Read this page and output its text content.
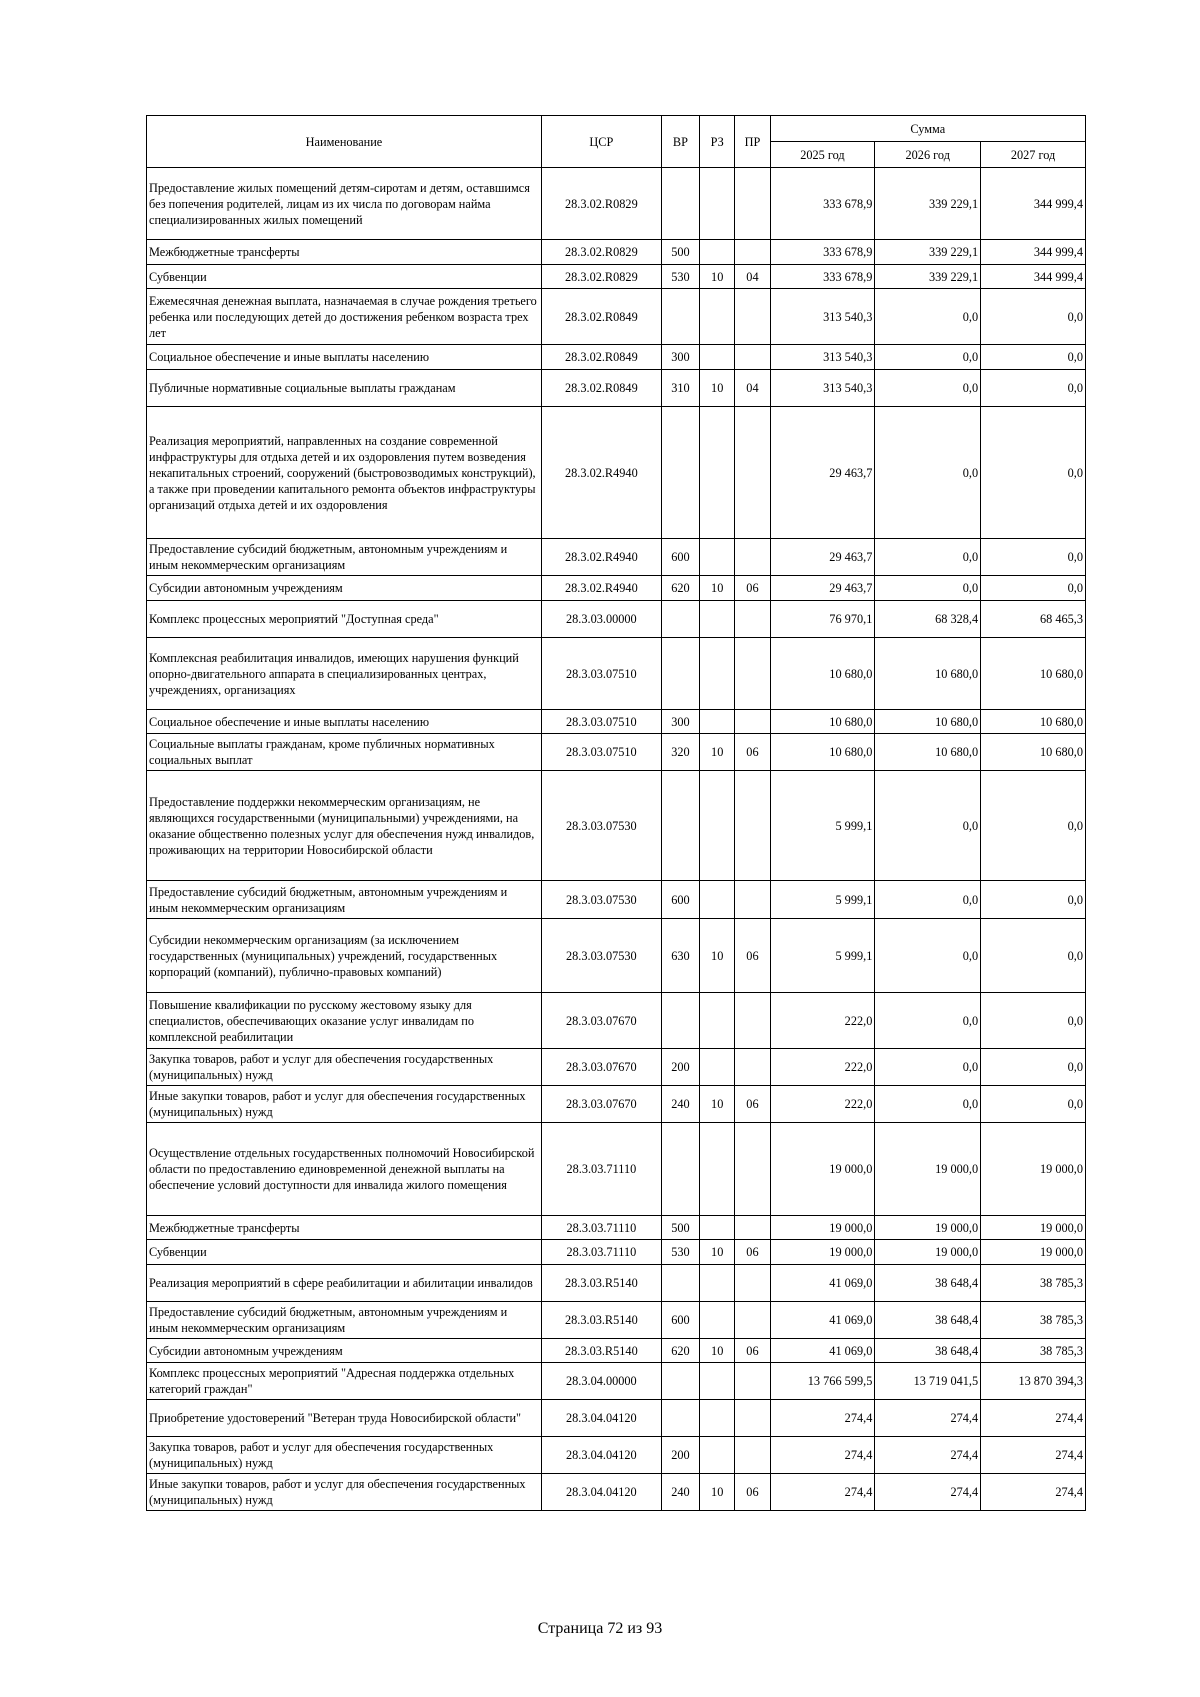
Наименование	ЦСР	ВР	РЗ	ПР	Сумма		
					2025 год	2026 год	2027 год
Предоставление жилых помещений детям-сиротам и детям, оставшимся без попечения родителей, лицам из их числа по договорам найма специализированных жилых помещений	28.3.02.R0829				333 678,9	339 229,1	344 999,4
Межбюджетные трансферты	28.3.02.R0829	500			333 678,9	339 229,1	344 999,4
Субвенции	28.3.02.R0829	530	10	04	333 678,9	339 229,1	344 999,4
Ежемесячная денежная выплата, назначаемая в случае рождения третьего ребенка или последующих детей до достижения ребенком возраста трех лет	28.3.02.R0849				313 540,3	0,0	0,0
Социальное обеспечение и иные выплаты населению	28.3.02.R0849	300			313 540,3	0,0	0,0
Публичные нормативные социальные выплаты гражданам	28.3.02.R0849	310	10	04	313 540,3	0,0	0,0
Реализация мероприятий, направленных на создание современной инфраструктуры для отдыха детей и их оздоровления путем возведения некапитальных строений, сооружений (быстровозводимых конструкций), а также при проведении капитального ремонта объектов инфраструктуры организаций отдыха детей и их оздоровления	28.3.02.R4940				29 463,7	0,0	0,0
Предоставление субсидий бюджетным, автономным учреждениям и иным некоммерческим организациям	28.3.02.R4940	600			29 463,7	0,0	0,0
Субсидии автономным учреждениям	28.3.02.R4940	620	10	06	29 463,7	0,0	0,0
Комплекс процессных мероприятий "Доступная среда"	28.3.03.00000				76 970,1	68 328,4	68 465,3
Комплексная реабилитация инвалидов, имеющих нарушения функций опорно-двигательного аппарата в специализированных центрах, учреждениях, организациях	28.3.03.07510				10 680,0	10 680,0	10 680,0
Социальное обеспечение и иные выплаты населению	28.3.03.07510	300			10 680,0	10 680,0	10 680,0
Социальные выплаты гражданам, кроме публичных нормативных социальных выплат	28.3.03.07510	320	10	06	10 680,0	10 680,0	10 680,0
Предоставление поддержки некоммерческим организациям, не являющихся государственными (муниципальными) учреждениями, на оказание общественно полезных услуг для обеспечения нужд инвалидов, проживающих на территории Новосибирской области	28.3.03.07530				5 999,1	0,0	0,0
Предоставление субсидий бюджетным, автономным учреждениям и иным некоммерческим организациям	28.3.03.07530	600			5 999,1	0,0	0,0
Субсидии некоммерческим организациям (за исключением государственных (муниципальных) учреждений, государственных корпораций (компаний), публично-правовых компаний)	28.3.03.07530	630	10	06	5 999,1	0,0	0,0
Повышение квалификации по русскому жестовому языку для специалистов, обеспечивающих оказание услуг инвалидам по комплексной реабилитации	28.3.03.07670				222,0	0,0	0,0
Закупка товаров, работ и услуг для обеспечения государственных (муниципальных) нужд	28.3.03.07670	200			222,0	0,0	0,0
Иные закупки товаров, работ и услуг для обеспечения государственных (муниципальных) нужд	28.3.03.07670	240	10	06	222,0	0,0	0,0
Осуществление отдельных государственных полномочий Новосибирской области по предоставлению единовременной денежной выплаты на обеспечение условий доступности для инвалида жилого помещения	28.3.03.71110				19 000,0	19 000,0	19 000,0
Межбюджетные трансферты	28.3.03.71110	500			19 000,0	19 000,0	19 000,0
Субвенции	28.3.03.71110	530	10	06	19 000,0	19 000,0	19 000,0
Реализация мероприятий в сфере реабилитации и абилитации инвалидов	28.3.03.R5140				41 069,0	38 648,4	38 785,3
Предоставление субсидий бюджетным, автономным учреждениям и иным некоммерческим организациям	28.3.03.R5140	600			41 069,0	38 648,4	38 785,3
Субсидии автономным учреждениям	28.3.03.R5140	620	10	06	41 069,0	38 648,4	38 785,3
Комплекс процессных мероприятий "Адресная поддержка отдельных категорий граждан"	28.3.04.00000				13 766 599,5	13 719 041,5	13 870 394,3
Приобретение удостоверений "Ветеран труда Новосибирской области"	28.3.04.04120				274,4	274,4	274,4
Закупка товаров, работ и услуг для обеспечения государственных (муниципальных) нужд	28.3.04.04120	200			274,4	274,4	274,4
Иные закупки товаров, работ и услуг для обеспечения государственных (муниципальных) нужд	28.3.04.04120	240	10	06	274,4	274,4	274,4
Страница 72 из 93
